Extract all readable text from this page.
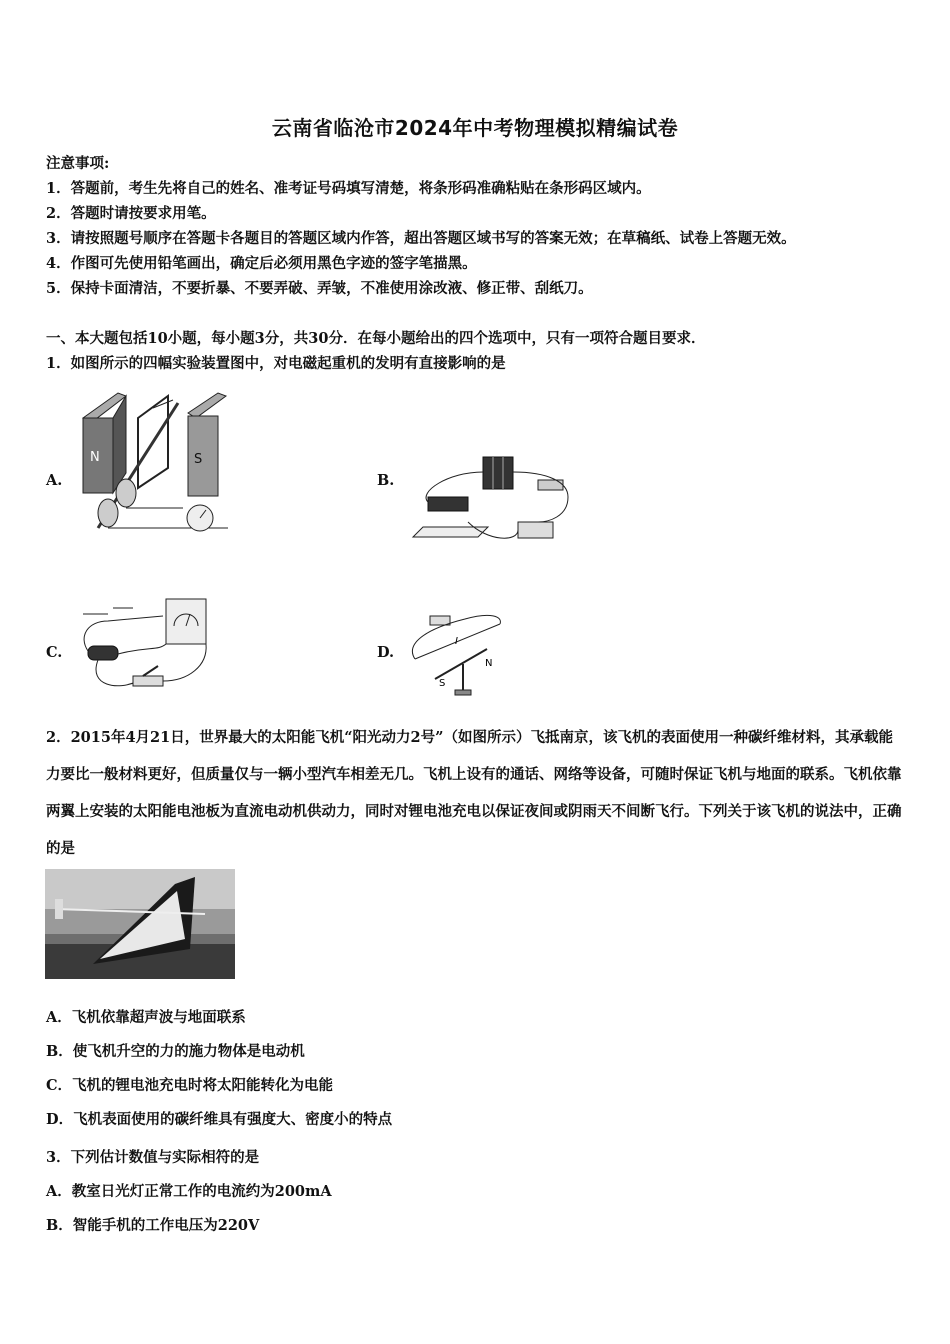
云南省临沧市2024年中考物理模拟精编试卷
注意事项:
1．答题前，考生先将自己的姓名、准考证号码填写清楚，将条形码准确粘贴在条形码区域内。
2．答题时请按要求用笔。
3．请按照题号顺序在答题卡各题目的答题区域内作答，超出答题区域书写的答案无效；在草稿纸、试卷上答题无效。
4．作图可先使用铅笔画出，确定后必须用黑色字迹的签字笔描黑。
5．保持卡面清洁，不要折暴、不要弄破、弄皱，不准使用涂改液、修正带、刮纸刀。
一、本大题包括10小题，每小题3分，共30分．在每小题给出的四个选项中，只有一项符合题目要求．
1．如图所示的四幅实验装置图中，对电磁起重机的发明有直接影响的是
A.	B.
C.	D.
N	S
I
N
S
2．2015年4月21日，世界最大的太阳能飞机“阳光动力2号”（如图所示）飞抵南京，该飞机的表面使用一种碳纤维材料，其承载能力要比一般材料更好，但质量仅与一辆小型汽车相差无几。飞机上设有的通话、网络等设备，可随时保证飞机与地面的联系。飞机依靠两翼上安装的太阳能电池板为直流电动机供动力，同时对锂电池充电以保证夜间或阴雨天不间断飞行。下列关于该飞机的说法中，正确的是
A．飞机依靠超声波与地面联系
B．使飞机升空的力的施力物体是电动机
C．飞机的锂电池充电时将太阳能转化为电能
D．飞机表面使用的碳纤维具有强度大、密度小的特点
3．下列估计数值与实际相符的是
A．教室日光灯正常工作的电流约为200mA
B．智能手机的工作电压为220V
